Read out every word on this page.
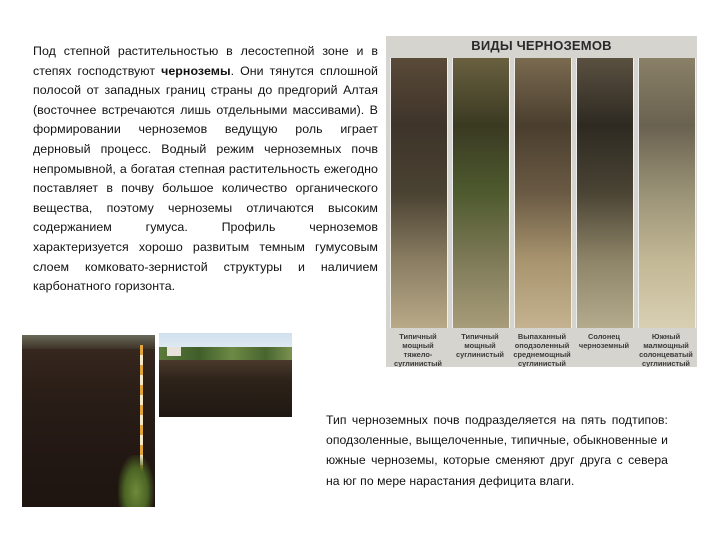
Под степной растительностью в лесостепной зоне и в степях господствуют черноземы. Они тянутся сплошной полосой от западных границ страны до предгорий Алтая (восточнее встречаются лишь отдельными массивами). В формировании черноземов ведущую роль играет дерновый процесс. Водный режим черноземных почв непромывной, а богатая степная растительность ежегодно поставляет в почву большое количество органического вещества, поэтому черноземы отличаются высоким содержанием гумуса. Профиль черноземов характеризуется хорошо развитым темным гумусовым слоем комковато-зернистой структуры и наличием карбонатного горизонта.

ВИДЫ ЧЕРНОЗЕМОВ
Типичный мощный тяжело-суглинистый
Типичный мощный суглинистый
Выпаханный оподзоленный среднемощный суглинистый
Солонец черноземный
Южный малмощный солонцеватый суглинистый

Тип черноземных почв подразделяется на пять подтипов: оподзоленные, выщелоченные, типичные, обыкновенные и южные черноземы, которые сменяют друг друга с севера на юг по мере нарастания дефицита влаги.
